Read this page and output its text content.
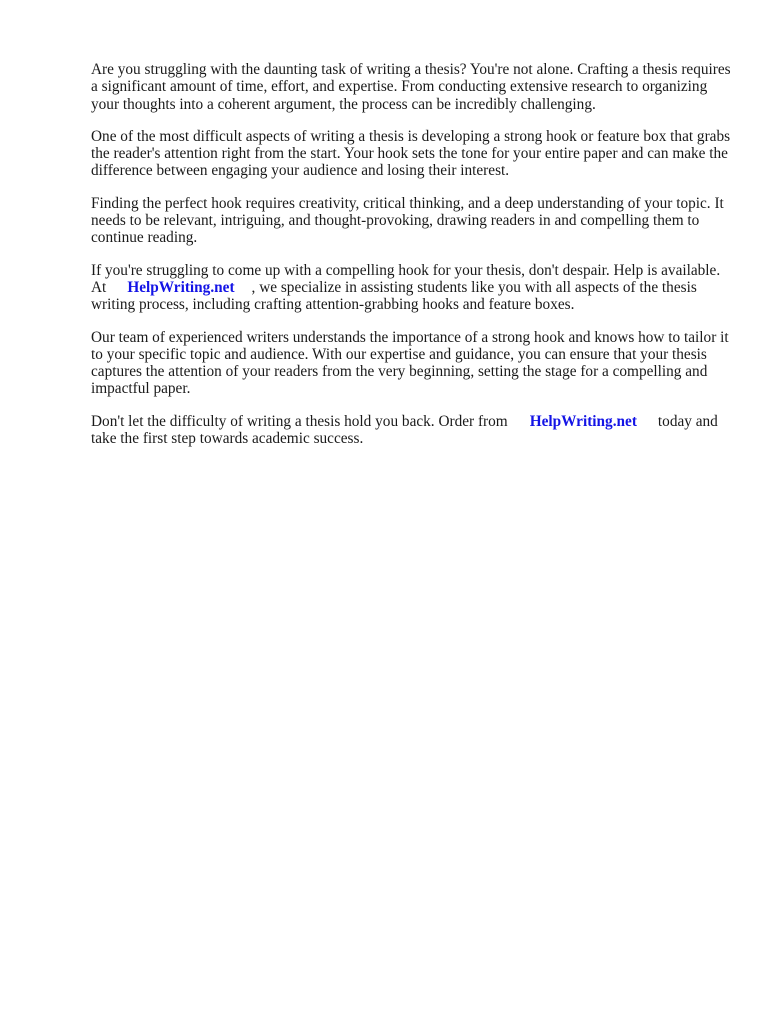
Are you struggling with the daunting task of writing a thesis? You're not alone. Crafting a thesis requires a significant amount of time, effort, and expertise. From conducting extensive research to organizing your thoughts into a coherent argument, the process can be incredibly challenging.

One of the most difficult aspects of writing a thesis is developing a strong hook or feature box that grabs the reader's attention right from the start. Your hook sets the tone for your entire paper and can make the difference between engaging your audience and losing their interest.

Finding the perfect hook requires creativity, critical thinking, and a deep understanding of your topic. It needs to be relevant, intriguing, and thought-provoking, drawing readers in and compelling them to continue reading.

If you're struggling to come up with a compelling hook for your thesis, don't despair. Help is available. At HelpWriting.net , we specialize in assisting students like you with all aspects of the thesis writing process, including crafting attention-grabbing hooks and feature boxes.

Our team of experienced writers understands the importance of a strong hook and knows how to tailor it to your specific topic and audience. With our expertise and guidance, you can ensure that your thesis captures the attention of your readers from the very beginning, setting the stage for a compelling and impactful paper.

Don't let the difficulty of writing a thesis hold you back. Order from HelpWriting.net today and take the first step towards academic success.
